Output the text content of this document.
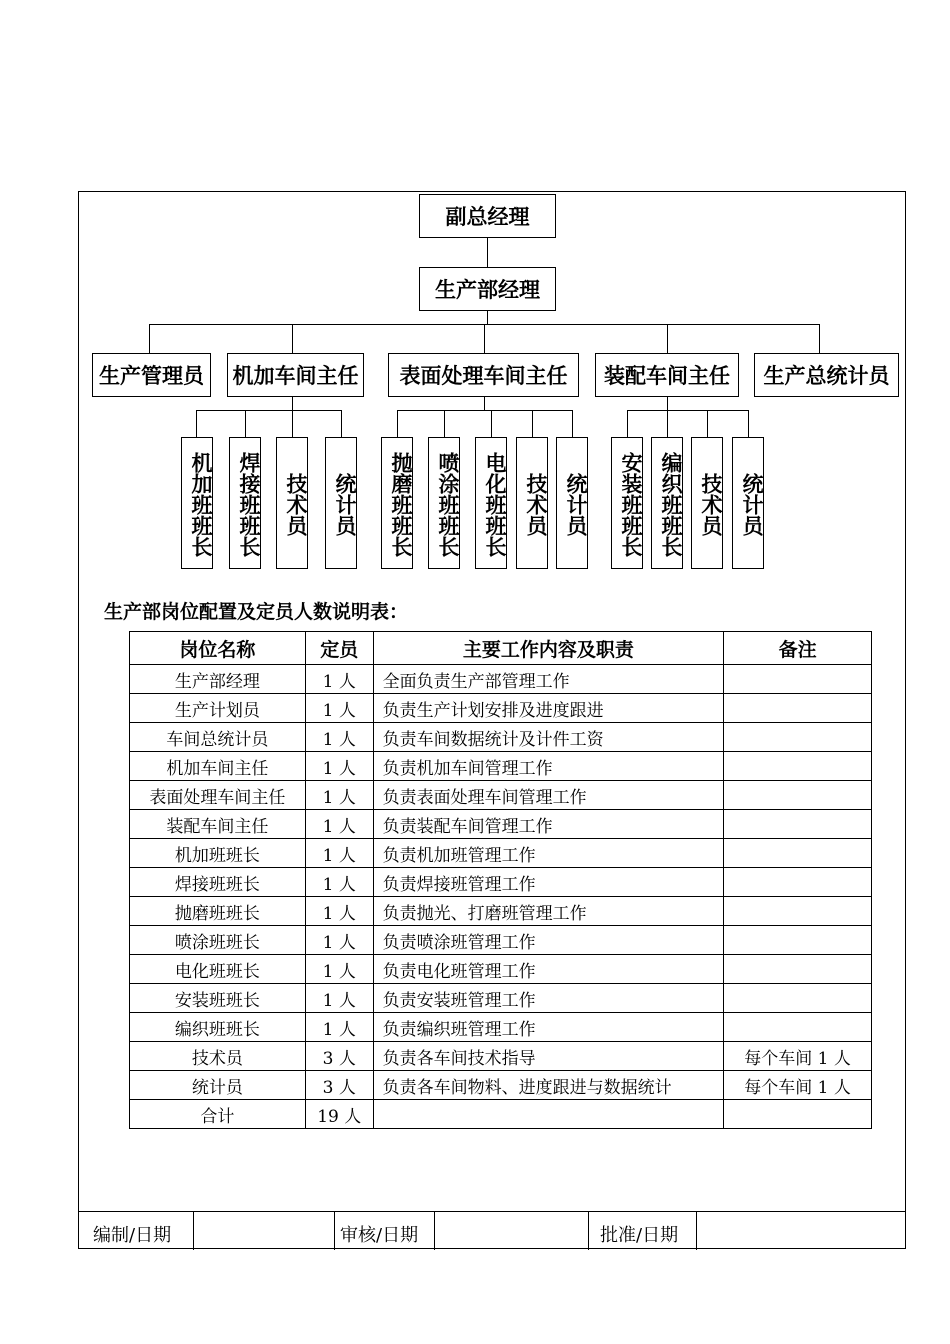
副总经理
生产部经理
生产管理员	机加车间主任	表面处理车间主任	装配车间主任	生产总统计员
机加班班长	焊接班班长	技术员	统计员	抛磨班班长	喷涂班班长	电化班班长 技术员 统计员	安装班班长 编织班班长 技术员 统计员
生产部岗位配置及定员人数说明表：
岗位名称	定员	主要工作内容及职责	备注
生产部经理	1 人	全面负责生产部管理工作	
生产计划员	1 人	负责生产计划安排及进度跟进	
车间总统计员	1 人	负责车间数据统计及计件工资	
机加车间主任	1 人	负责机加车间管理工作	
表面处理车间主任	1 人	负责表面处理车间管理工作	
装配车间主任	1 人	负责装配车间管理工作	
机加班班长	1 人	负责机加班管理工作	
焊接班班长	1 人	负责焊接班管理工作	
抛磨班班长	1 人	负责抛光、打磨班管理工作	
喷涂班班长	1 人	负责喷涂班管理工作	
电化班班长	1 人	负责电化班管理工作	
安装班班长	1 人	负责安装班管理工作	
编织班班长	1 人	负责编织班管理工作	
技术员	3 人	负责各车间技术指导	每个车间 1 人
统计员	3 人	负责各车间物料、进度跟进与数据统计	每个车间 1 人
合计	19 人		
编制/日期	审核/日期	批准/日期
